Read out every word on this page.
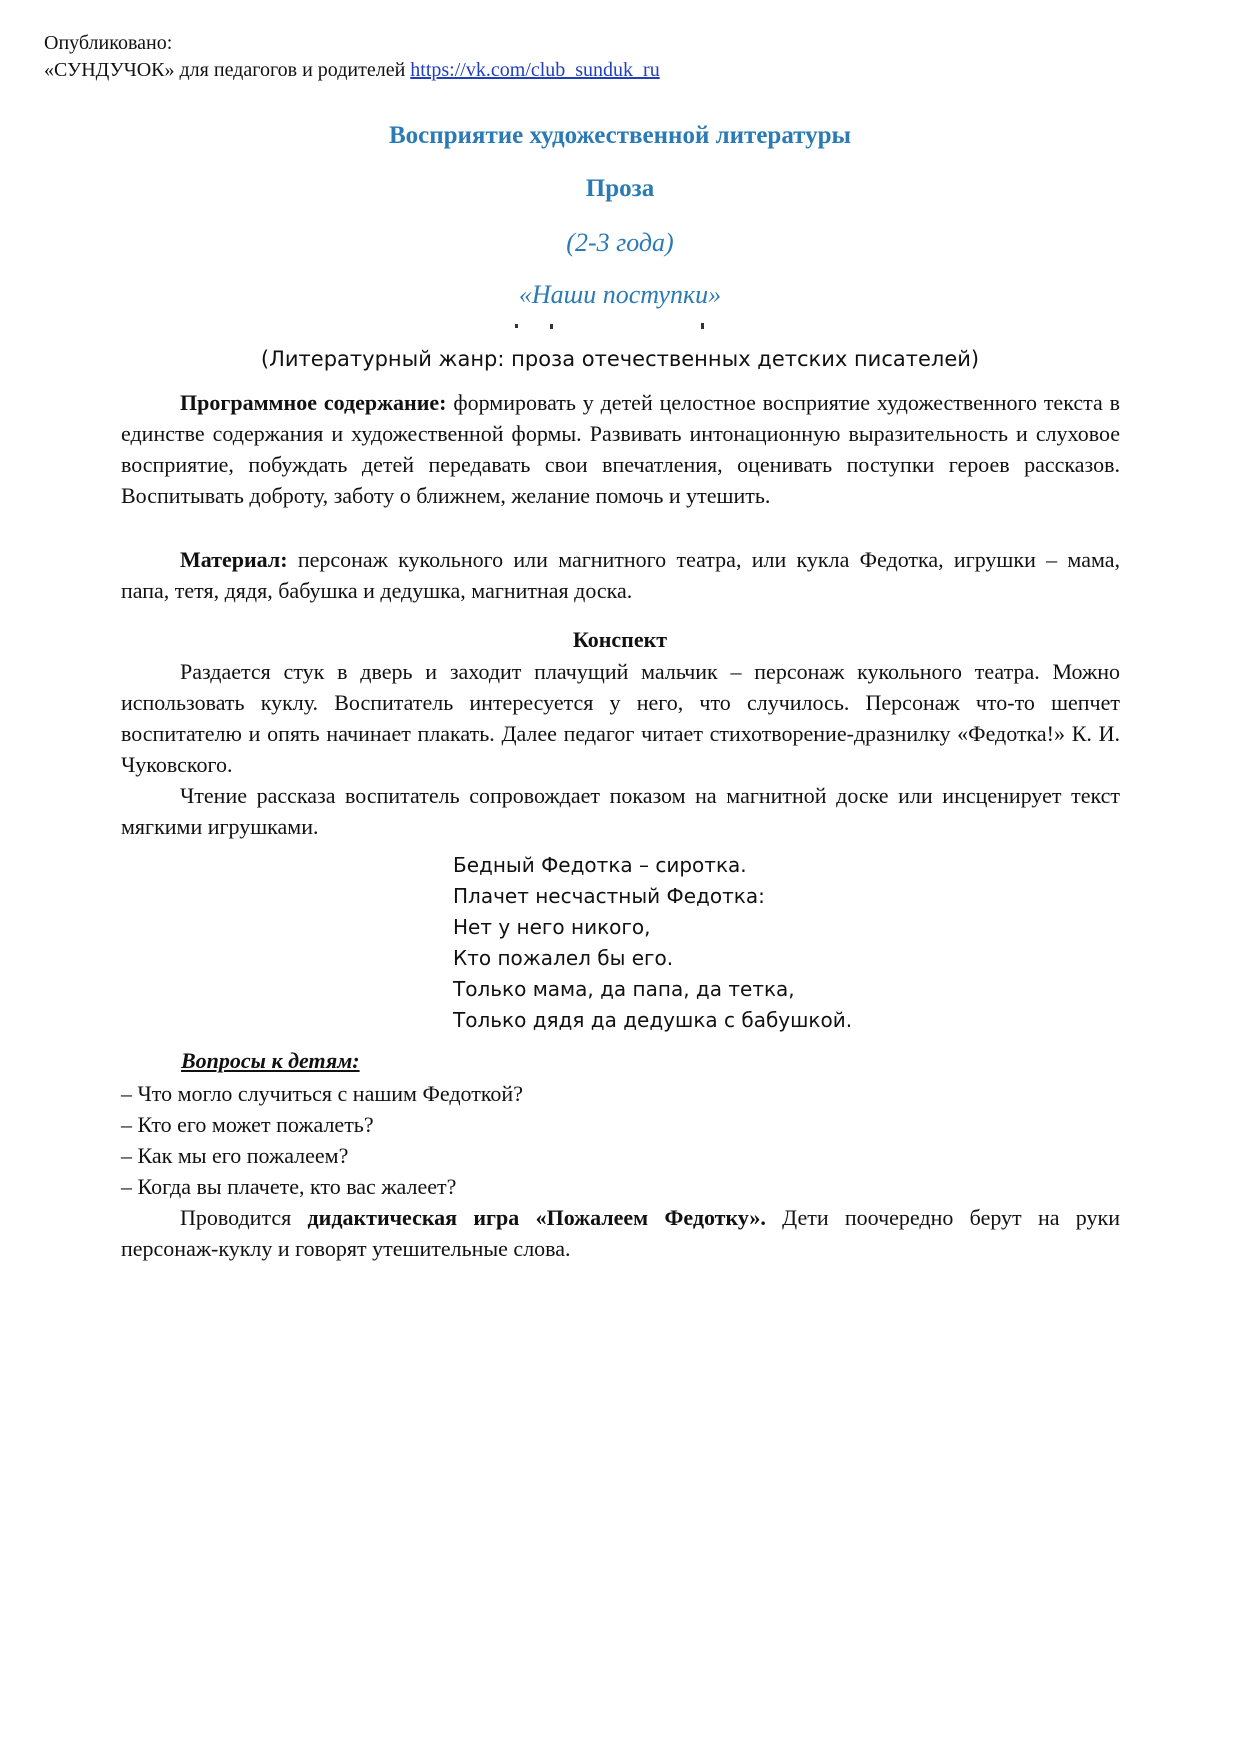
Опубликовано:
«СУНДУЧОК» для педагогов и родителей https://vk.com/club_sunduk_ru
Восприятие художественной литературы
Проза
(2-3 года)
«Наши поступки»
(Литературный жанр: проза отечественных детских писателей)

Программное содержание: формировать у детей целостное восприятие художественного текста в единстве содержания и художественной формы. Развивать интонационную выразительность и слуховое восприятие, побуждать детей передавать свои впечатления, оценивать поступки героев рассказов. Воспитывать доброту, заботу о ближнем, желание помочь и утешить.

Материал: персонаж кукольного или магнитного театра, или кукла Федотка, игрушки – мама, папа, тетя, дядя, бабушка и дедушка, магнитная доска.

Конспект

Раздается стук в дверь и заходит плачущий мальчик – персонаж кукольного театра. Можно использовать куклу. Воспитатель интересуется у него, что случилось. Персонаж что-то шепчет воспитателю и опять начинает плакать. Далее педагог читает стихотворение-дразнилку «Федотка!» К. И. Чуковского.

Чтение рассказа воспитатель сопровождает показом на магнитной доске или инсценирует текст мягкими игрушками.

Бедный Федотка – сиротка.
Плачет несчастный Федотка:
Нет у него никого,
Кто пожалел бы его.
Только мама, да папа, да тетка,
Только дядя да дедушка с бабушкой.
Вопросы к детям:
– Что могло случиться с нашим Федоткой?
– Кто его может пожалеть?
– Как мы его пожалеем?
– Когда вы плачете, кто вас жалеет?

Проводится дидактическая игра «Пожалеем Федотку». Дети поочередно берут на руки персонаж-куклу и говорят утешительные слова.
